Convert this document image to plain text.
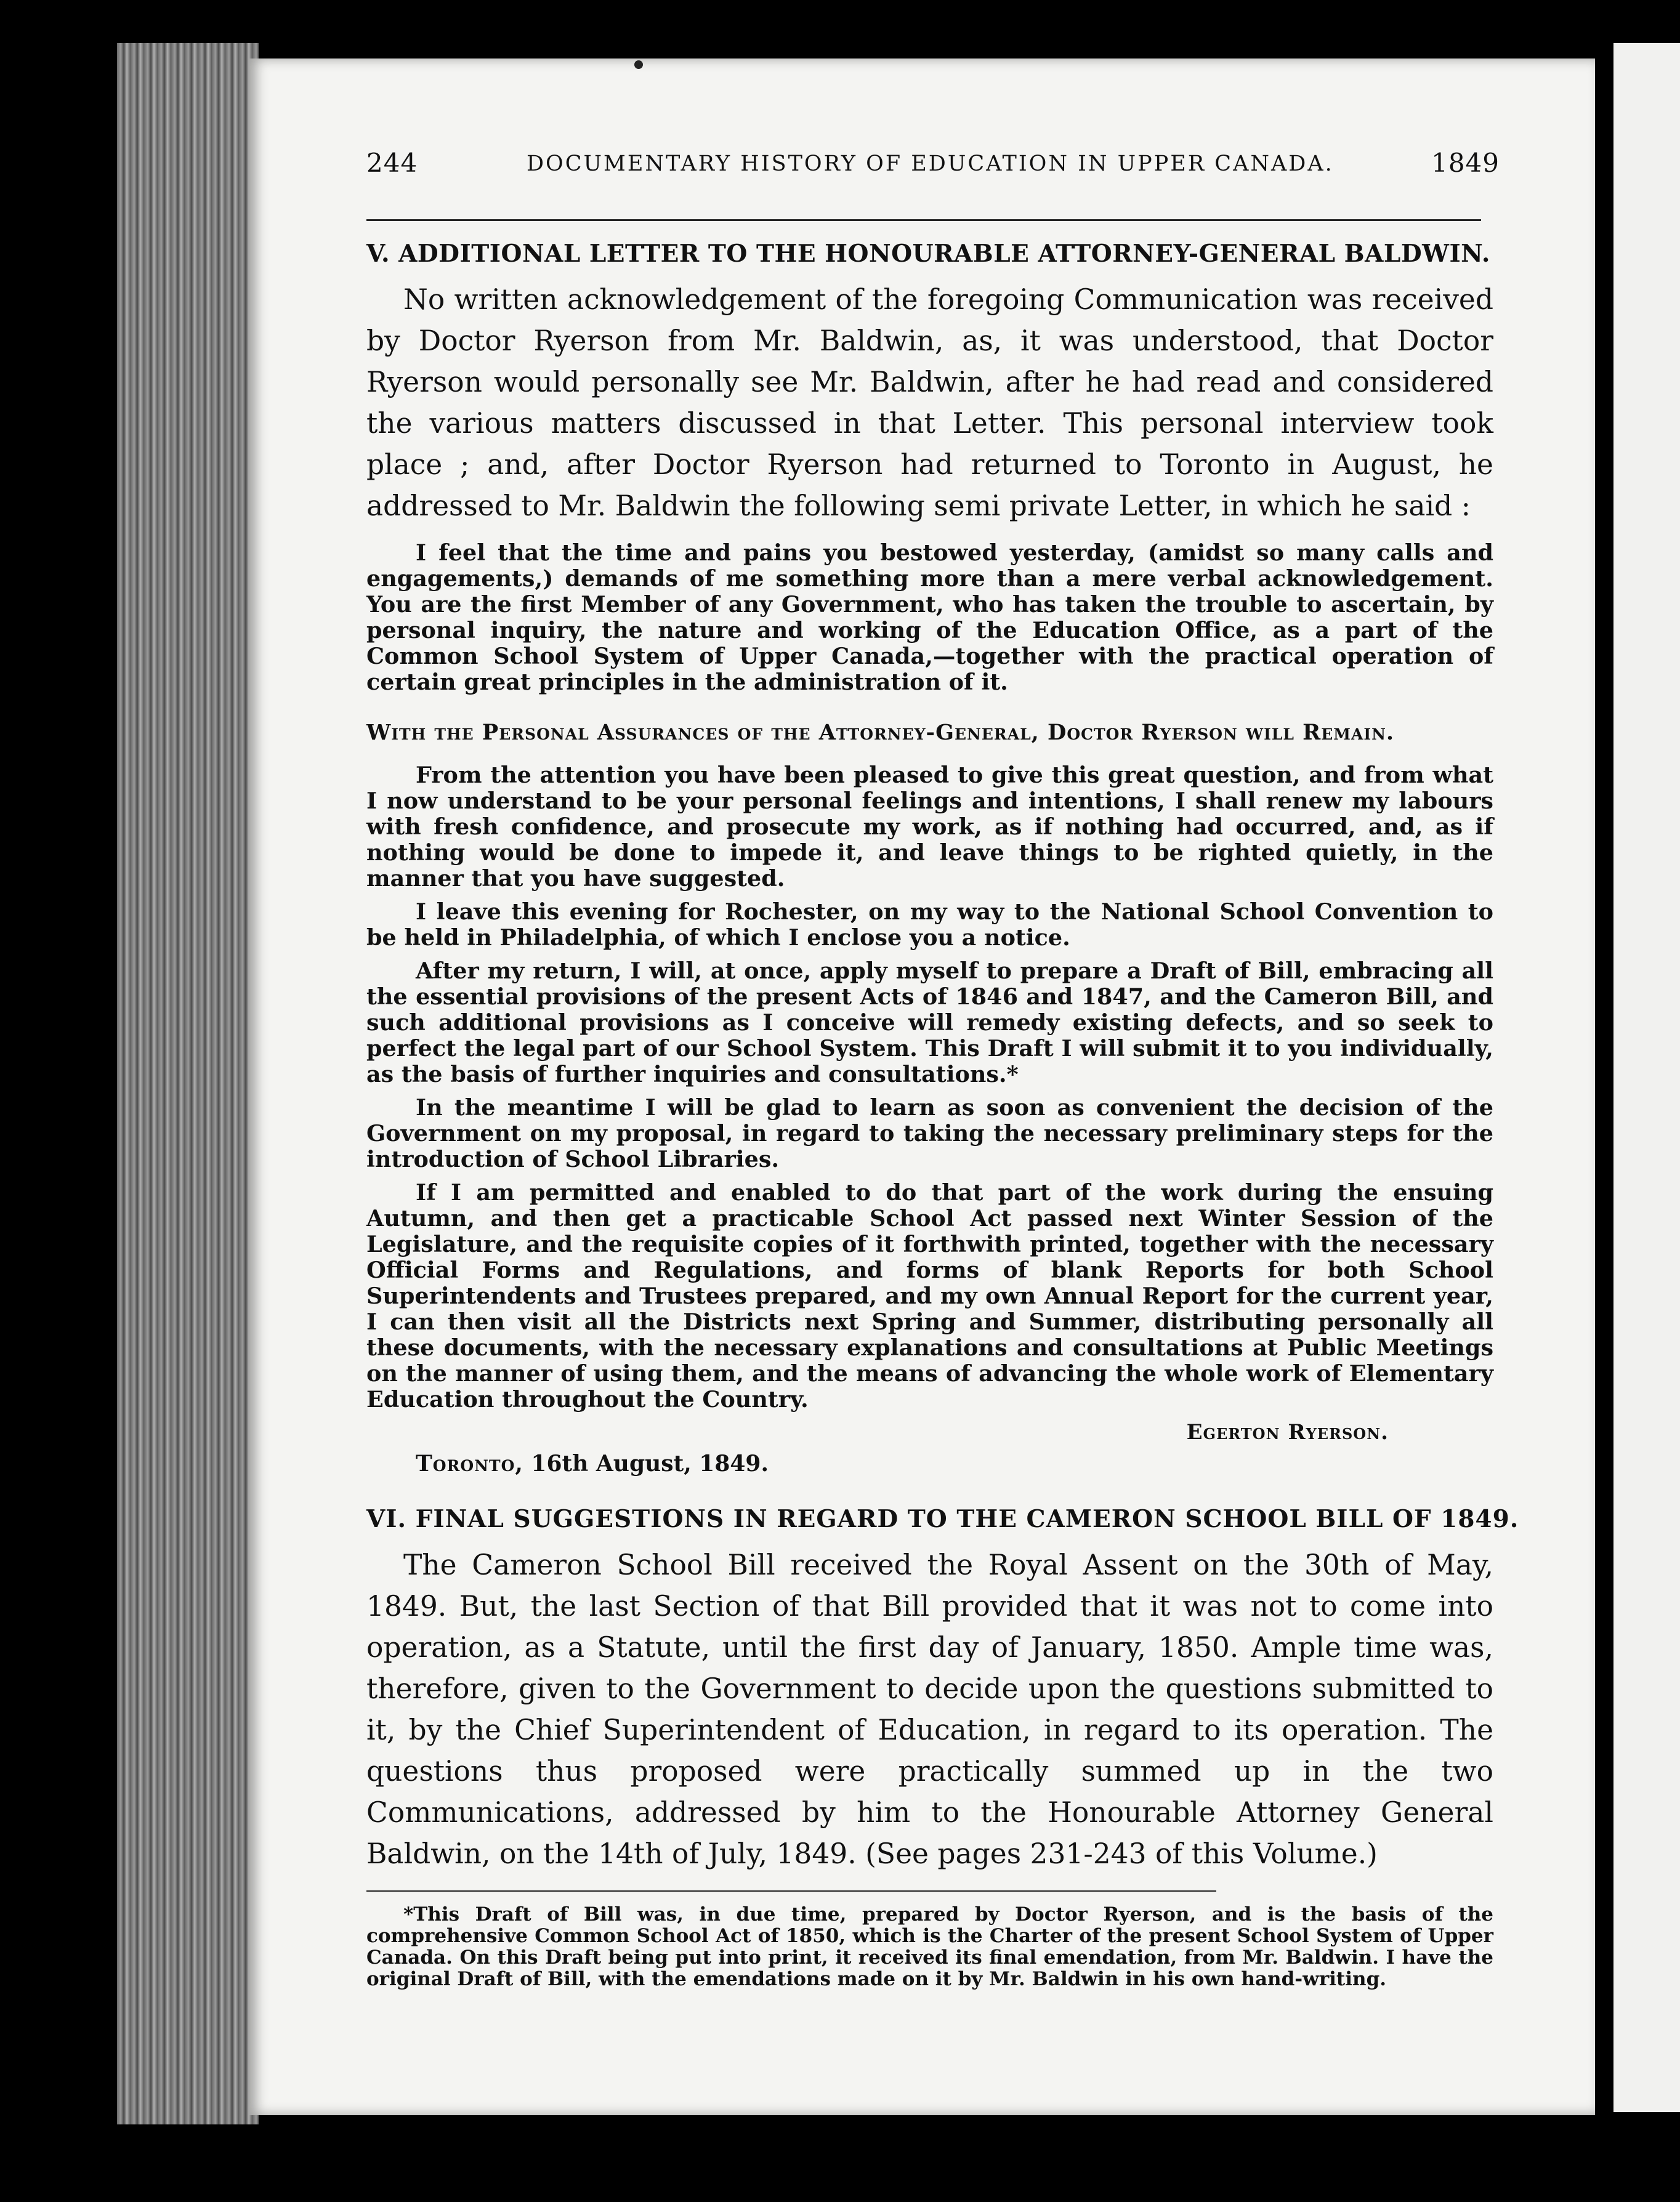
244	DOCUMENTARY HISTORY OF EDUCATION IN UPPER CANADA.	1849
V. ADDITIONAL LETTER TO THE HONOURABLE ATTORNEY-GENERAL BALDWIN.

No written acknowledgement of the foregoing Communication was received by Doctor Ryerson from Mr. Baldwin, as, it was understood, that Doctor Ryerson would personally see Mr. Baldwin, after he had read and considered the various matters discussed in that Letter. This personal interview took place ; and, after Doctor Ryerson had returned to Toronto in August, he addressed to Mr. Baldwin the following semi private Letter, in which he said :

I feel that the time and pains you bestowed yesterday, (amidst so many calls and engagements,) demands of me something more than a mere verbal acknowledgement. You are the first Member of any Government, who has taken the trouble to ascertain, by personal inquiry, the nature and working of the Education Office, as a part of the Common School System of Upper Canada,—together with the practical operation of certain great principles in the administration of it.

With the Personal Assurances of the Attorney-General, Doctor Ryerson will Remain.

From the attention you have been pleased to give this great question, and from what I now understand to be your personal feelings and intentions, I shall renew my labours with fresh confidence, and prosecute my work, as if nothing had occurred, and, as if nothing would be done to impede it, and leave things to be righted quietly, in the manner that you have suggested.

I leave this evening for Rochester, on my way to the National School Convention to be held in Philadelphia, of which I enclose you a notice.

After my return, I will, at once, apply myself to prepare a Draft of Bill, embracing all the essential provisions of the present Acts of 1846 and 1847, and the Cameron Bill, and such additional provisions as I conceive will remedy existing defects, and so seek to perfect the legal part of our School System. This Draft I will submit it to you individually, as the basis of further inquiries and consultations.*

In the meantime I will be glad to learn as soon as convenient the decision of the Government on my proposal, in regard to taking the necessary preliminary steps for the introduction of School Libraries.

If I am permitted and enabled to do that part of the work during the ensuing Autumn, and then get a practicable School Act passed next Winter Session of the Legislature, and the requisite copies of it forthwith printed, together with the necessary Official Forms and Regulations, and forms of blank Reports for both School Superintendents and Trustees prepared, and my own Annual Report for the current year, I can then visit all the Districts next Spring and Summer, distributing personally all these documents, with the necessary explanations and consultations at Public Meetings on the manner of using them, and the means of advancing the whole work of Elementary Education throughout the Country.

Egerton Ryerson.
Toronto, 16th August, 1849.
VI. FINAL SUGGESTIONS IN REGARD TO THE CAMERON SCHOOL BILL OF 1849.

The Cameron School Bill received the Royal Assent on the 30th of May, 1849. But, the last Section of that Bill provided that it was not to come into operation, as a Statute, until the first day of January, 1850. Ample time was, therefore, given to the Government to decide upon the questions submitted to it, by the Chief Superintendent of Education, in regard to its operation. The questions thus proposed were practically summed up in the two Communications, addressed by him to the Honourable Attorney General Baldwin, on the 14th of July, 1849. (See pages 231-243 of this Volume.)

*This Draft of Bill was, in due time, prepared by Doctor Ryerson, and is the basis of the comprehensive Common School Act of 1850, which is the Charter of the present School System of Upper Canada. On this Draft being put into print, it received its final emendation, from Mr. Baldwin. I have the original Draft of Bill, with the emendations made on it by Mr. Baldwin in his own hand-writing.
